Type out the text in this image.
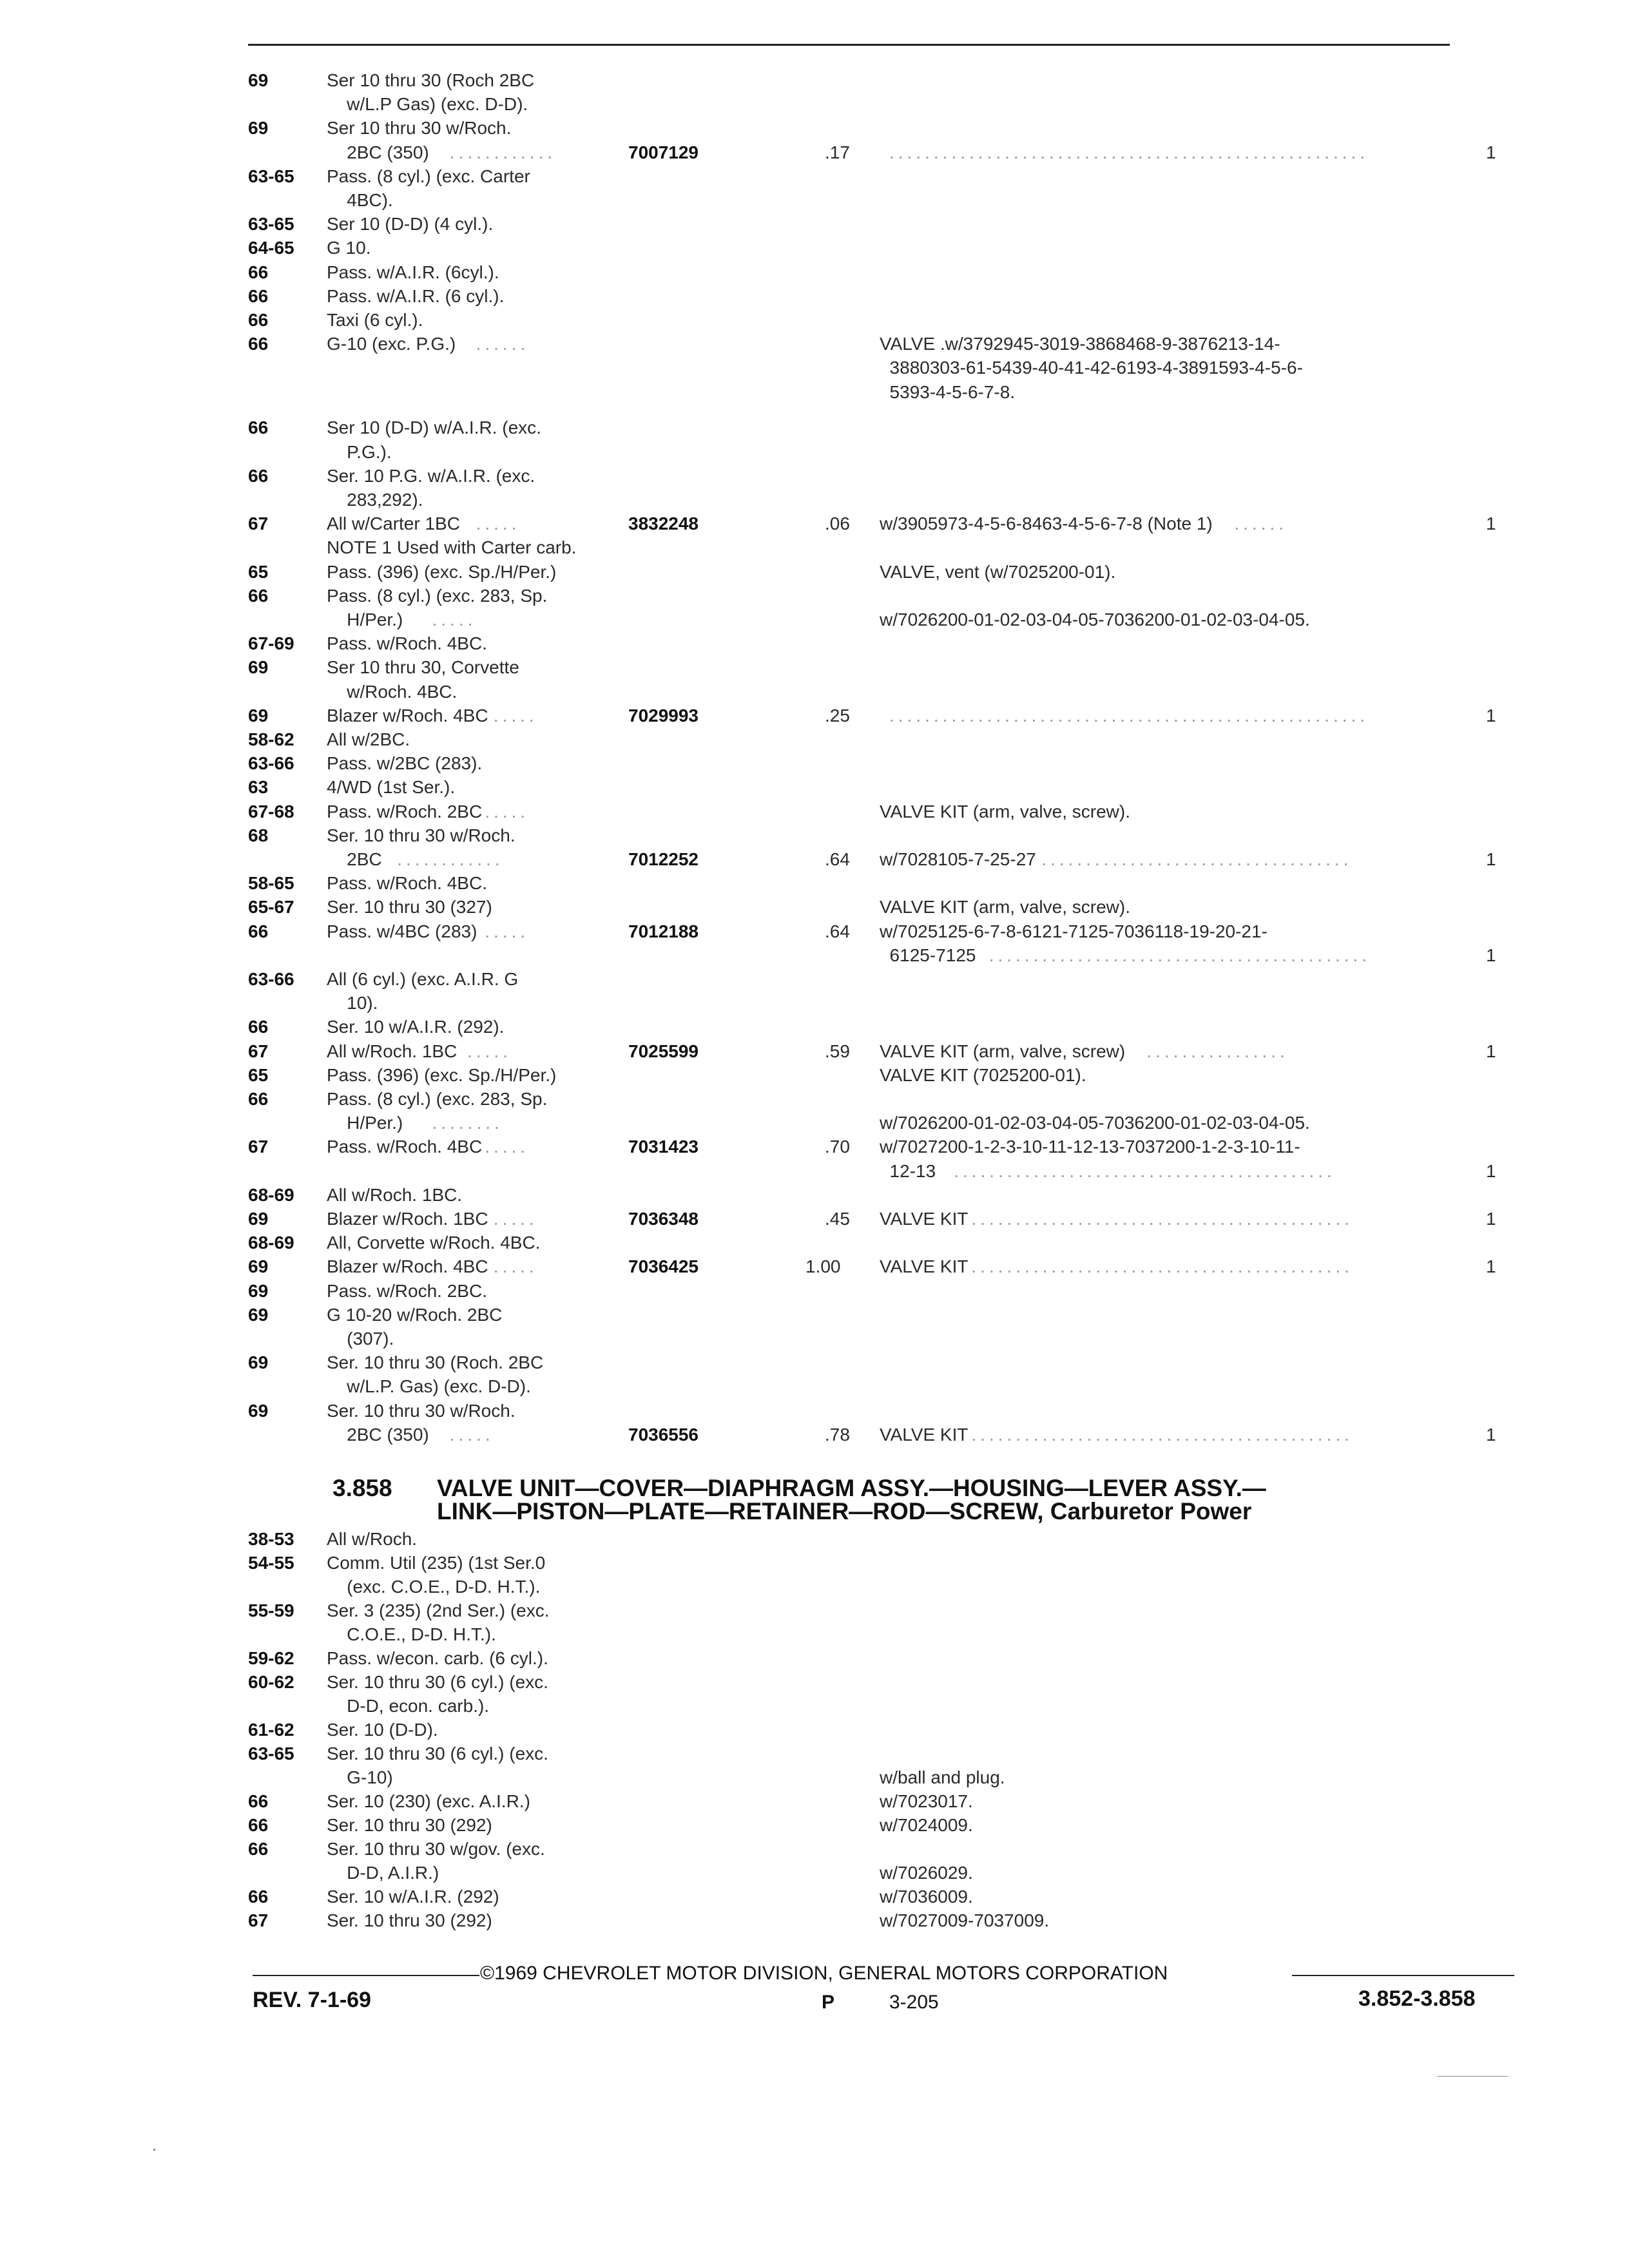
69	Ser 10 thru 30 (Roch 2BC
w/L.P Gas) (exc. D-D).
69	Ser 10 thru 30 w/Roch.
2BC (350) ............	7007129	.17 ......................................................	1
63-65 Pass. (8 cyl.) (exc. Carter
4BC).
63-65 Ser 10 (D-D) (4 cyl.).
64-65 G 10.
66	Pass. w/A.I.R. (6cyl.).
66	Pass. w/A.I.R. (6 cyl.).
66	Taxi (6 cyl.).
66	G-10 (exc. P.G.) ......	VALVE .w/3792945-3019-3868468-9-3876213-14-
3880303-61-5439-40-41-42-6193-4-3891593-4-5-6-
5393-4-5-6-7-8.
66	Ser 10 (D-D) w/A.I.R. (exc.
P.G.).
66	Ser. 10 P.G. w/A.I.R. (exc.
283,292).
67	All w/Carter 1BC .....	3832248	.06 w/3905973-4-5-6-8463-4-5-6-7-8 (Note 1) ......	1
NOTE 1 Used with Carter carb.
65	Pass. (396) (exc. Sp./H/Per.)	VALVE, vent (w/7025200-01).
66	Pass. (8 cyl.) (exc. 283, Sp.
H/Per.) .....	w/7026200-01-02-03-04-05-7036200-01-02-03-04-05.
67-69 Pass. w/Roch. 4BC.
69	Ser 10 thru 30, Corvette
w/Roch. 4BC.
69	Blazer w/Roch. 4BC .....	7029993	.25 ......................................................	1
58-62 All w/2BC.
63-66 Pass. w/2BC (283).
63	4/WD (1st Ser.).
67-68 Pass. w/Roch. 2BC .....	VALVE KIT (arm, valve, screw).
68	Ser. 10 thru 30 w/Roch.
2BC ............	7012252	.64 w/7028105-7-25-27 ...................................	1
58-65 Pass. w/Roch. 4BC.
65-67 Ser. 10 thru 30 (327)	VALVE KIT (arm, valve, screw).
66	Pass. w/4BC (283) .....	7012188	.64 w/7025125-6-7-8-6121-7125-7036118-19-20-21-
6125-7125 ...........................................	1
63-66 All (6 cyl.) (exc. A.I.R. G
10).
66	Ser. 10 w/A.I.R. (292).
67	All w/Roch. 1BC .....	7025599	.59 VALVE KIT (arm, valve, screw) ................	1
65	Pass. (396) (exc. Sp./H/Per.)	VALVE KIT (7025200-01).
66	Pass. (8 cyl.) (exc. 283, Sp.
H/Per.) ........	w/7026200-01-02-03-04-05-7036200-01-02-03-04-05.
67	Pass. w/Roch. 4BC .....	7031423	.70 w/7027200-1-2-3-10-11-12-13-7037200-1-2-3-10-11-
12-13 ...........................................	1
68-69 All w/Roch. 1BC.
69	Blazer w/Roch. 1BC .....	7036348	.45 VALVE KIT ...........................................	1
68-69 All, Corvette w/Roch. 4BC.
69	Blazer w/Roch. 4BC .....	7036425	1.00 VALVE KIT ...........................................	1
69	Pass. w/Roch. 2BC.
69	G 10-20 w/Roch. 2BC
(307).
69	Ser. 10 thru 30 (Roch. 2BC
w/L.P. Gas) (exc. D-D).
69	Ser. 10 thru 30 w/Roch.
2BC (350) .....	7036556	.78 VALVE KIT ...........................................	1
3.858 VALVE UNIT—COVER—DIAPHRAGM ASSY.—HOUSING—LEVER ASSY.—
LINK—PISTON—PLATE—RETAINER—ROD—SCREW, Carburetor Power
38-53 All w/Roch.
54-55 Comm. Util (235) (1st Ser.0
(exc. C.O.E., D-D. H.T.).
55-59 Ser. 3 (235) (2nd Ser.) (exc.
C.O.E., D-D. H.T.).
59-62 Pass. w/econ. carb. (6 cyl.).
60-62 Ser. 10 thru 30 (6 cyl.) (exc.
D-D, econ. carb.).
61-62 Ser. 10 (D-D).
63-65 Ser. 10 thru 30 (6 cyl.) (exc.
G-10)	w/ball and plug.
66	Ser. 10 (230) (exc. A.I.R.)	w/7023017.
66	Ser. 10 thru 30 (292)	w/7024009.
66	Ser. 10 thru 30 w/gov. (exc.
D-D, A.I.R.)	w/7026029.
66	Ser. 10 w/A.I.R. (292)	w/7036009.
67	Ser. 10 thru 30 (292)	w/7027009-7037009.
©1969 CHEVROLET MOTOR DIVISION, GENERAL MOTORS CORPORATION
REV. 7-1-69	P	3-205	3.852-3.858
